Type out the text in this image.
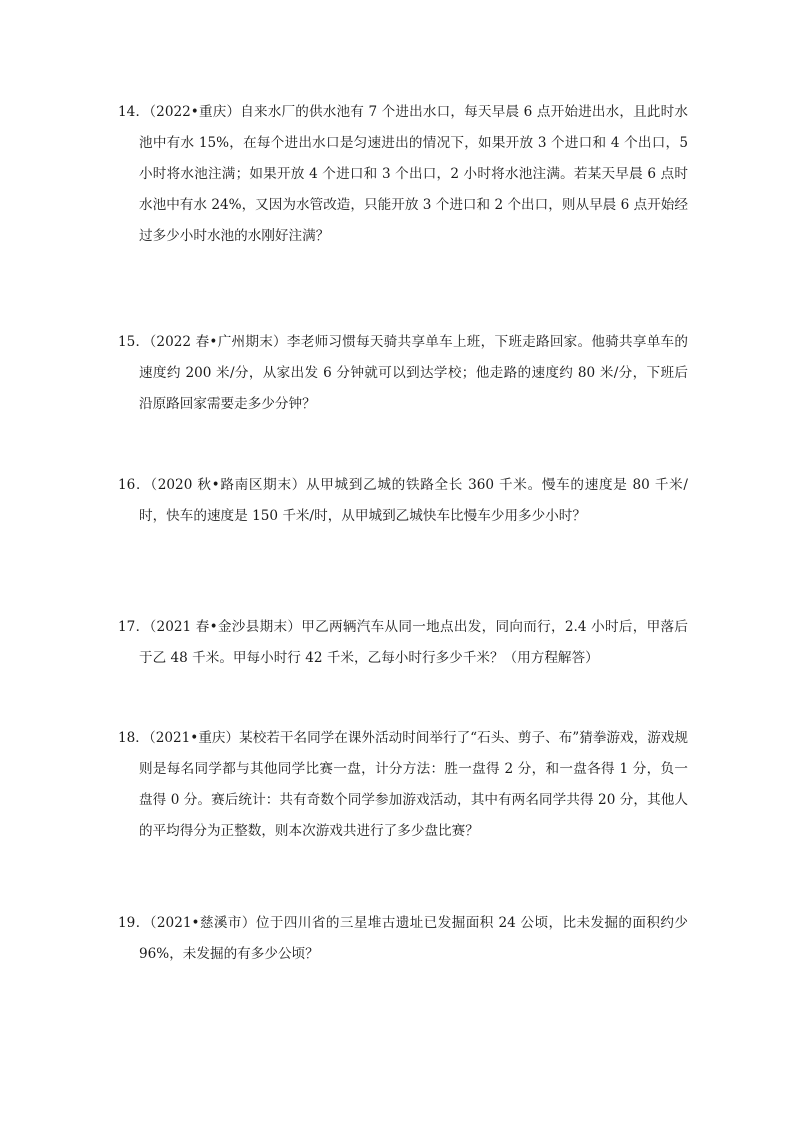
14．（2022•重庆）自来水厂的供水池有 7 个进出水口，每天早晨 6 点开始进出水，且此时水池中有水 15%，在每个进出水口是匀速进出的情况下，如果开放 3 个进口和 4 个出口，5 小时将水池注满；如果开放 4 个进口和 3 个出口，2 小时将水池注满。若某天早晨 6 点时水池中有水 24%，又因为水管改造，只能开放 3 个进口和 2 个出口，则从早晨 6 点开始经过多少小时水池的水刚好注满？
15．（2022 春•广州期末）李老师习惯每天骑共享单车上班，下班走路回家。他骑共享单车的速度约 200 米/分，从家出发 6 分钟就可以到达学校；他走路的速度约 80 米/分，下班后沿原路回家需要走多少分钟？
16．（2020 秋•路南区期末）从甲城到乙城的铁路全长 360 千米。慢车的速度是 80 千米/时，快车的速度是 150 千米/时，从甲城到乙城快车比慢车少用多少小时？
17．（2021 春•金沙县期末）甲乙两辆汽车从同一地点出发，同向而行，2.4 小时后，甲落后于乙 48 千米。甲每小时行 42 千米，乙每小时行多少千米？（用方程解答）
18．（2021•重庆）某校若干名同学在课外活动时间举行了“石头、剪子、布”猜拳游戏，游戏规则是每名同学都与其他同学比赛一盘，计分方法：胜一盘得 2 分，和一盘各得 1 分，负一盘得 0 分。赛后统计：共有奇数个同学参加游戏活动，其中有两名同学共得 20 分，其他人的平均得分为正整数，则本次游戏共进行了多少盘比赛？
19．（2021•慈溪市）位于四川省的三星堆古遗址已发掘面积 24 公顷，比未发掘的面积约少 96%，未发掘的有多少公顷？
